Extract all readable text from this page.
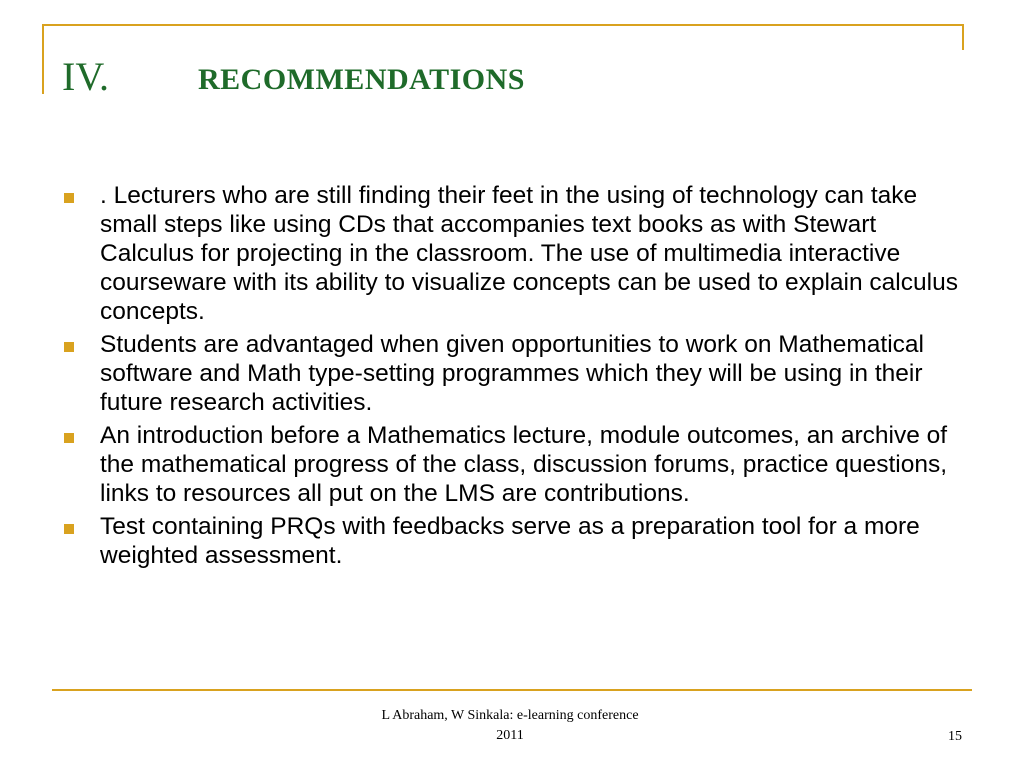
IV.	RECOMMENDATIONS
. Lecturers who are still finding their feet in the using of technology can take small steps like using CDs that accompanies text books as with Stewart Calculus for projecting in the classroom. The use of multimedia interactive courseware with its ability to visualize concepts can be used to explain calculus concepts.
Students are advantaged when given opportunities to work on Mathematical software and Math type-setting programmes which they will be using in their future research activities.
An introduction before a Mathematics lecture, module outcomes, an archive of the mathematical progress of the class, discussion forums, practice questions, links to resources all put on the LMS are contributions.
Test containing PRQs with feedbacks serve as a preparation tool for a more weighted assessment.
L Abraham, W Sinkala: e-learning conference
2011	15
